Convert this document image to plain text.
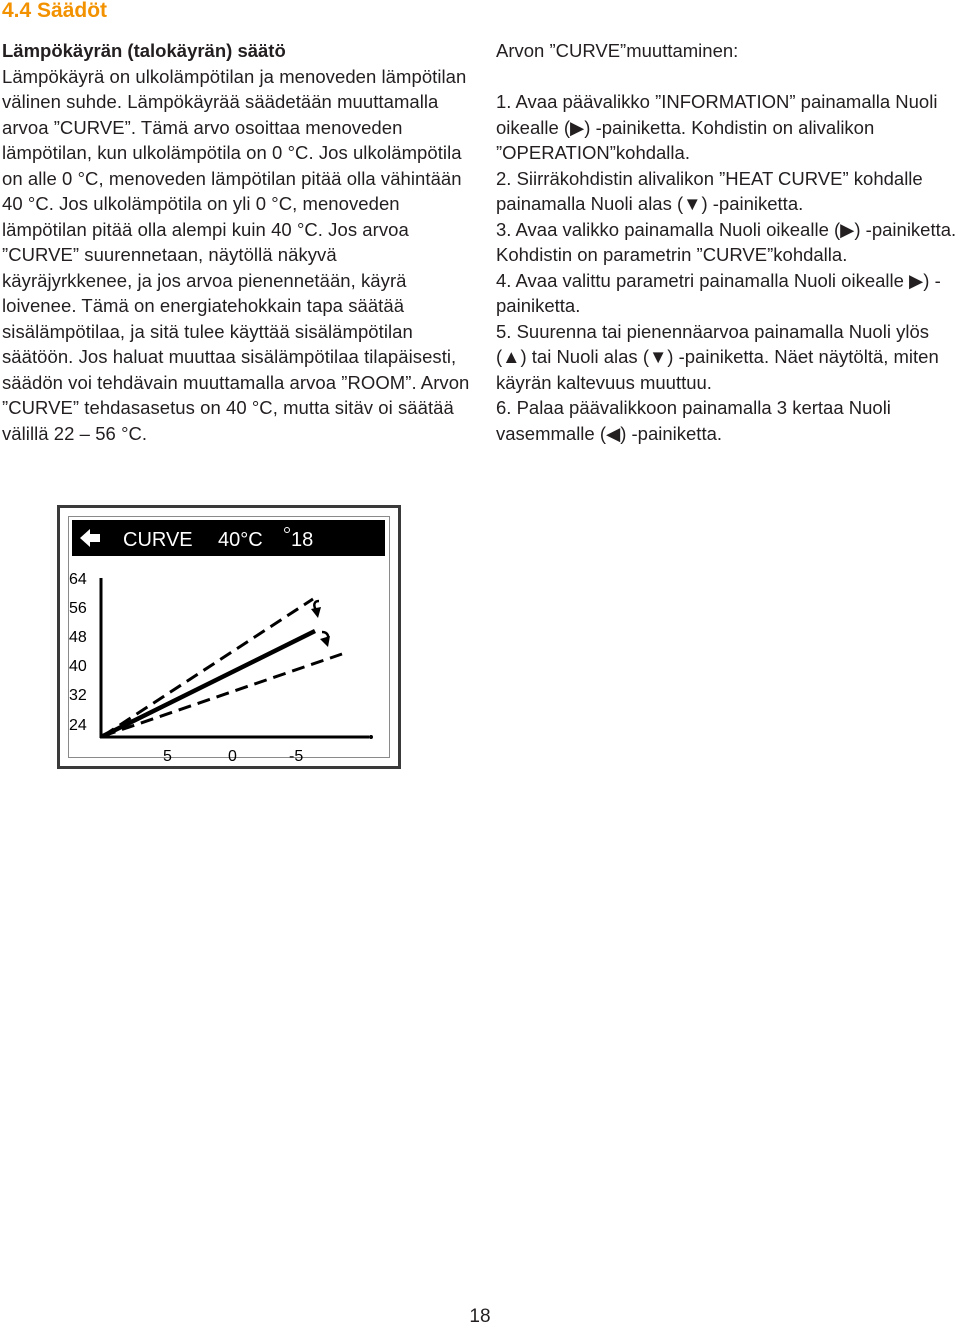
4.4 Säädöt

Lämpökäyrän (talokäyrän) säätö

Lämpökäyrä on ulkolämpötilan ja menoveden lämpötilan välinen suhde. Lämpökäyrää säädetään muuttamalla arvoa ”CURVE”. Tämä arvo osoittaa menoveden lämpötilan, kun ulkolämpötila on 0 °C. Jos ulkolämpötila on alle 0 °C, menoveden lämpötilan pitää olla vähintään 40 °C. Jos ulkolämpötila on yli 0 °C, menoveden lämpötilan pitää olla alempi kuin 40 °C. Jos arvoa ”CURVE” suurennetaan, näytöllä näkyvä käyräjyrkkenee, ja jos arvoa pienennetään, käyrä loivenee. Tämä on energiatehokkain tapa säätää sisälämpötilaa, ja sitä tulee käyttää sisälämpötilan säätöön. Jos haluat muuttaa sisälämpötilaa tilapäisesti, säädön voi tehdävain muuttamalla arvoa ”ROOM”. Arvon ”CURVE” tehdasasetus on 40 °C, mutta sitäv oi säätää välillä 22 – 56 °C.

Arvon ”CURVE”muuttaminen:

1. Avaa päävalikko ”INFORMATION” painamalla Nuoli oikealle (▶) -painiketta. Kohdistin on alivalikon ”OPERATION”kohdalla.

2. Siirräkohdistin alivalikon ”HEAT CURVE” kohdalle painamalla Nuoli alas (▼) -painiketta.

3. Avaa valikko painamalla Nuoli oikealle (▶) -painiketta. Kohdistin on parametrin ”CURVE”kohdalla.

4. Avaa valittu parametri painamalla Nuoli oikealle ▶) -painiketta.

5. Suurenna tai pienennäarvoa painamalla Nuoli ylös (▲) tai Nuoli alas (▼) -painiketta. Näet näytöltä, miten käyrän kaltevuus muuttuu.

6. Palaa päävalikkoon painamalla 3 kertaa Nuoli vasemmalle (◀) -painiketta.

CURVE 40°C 18
64
56
48
40
32
24
5	0	-5
18
